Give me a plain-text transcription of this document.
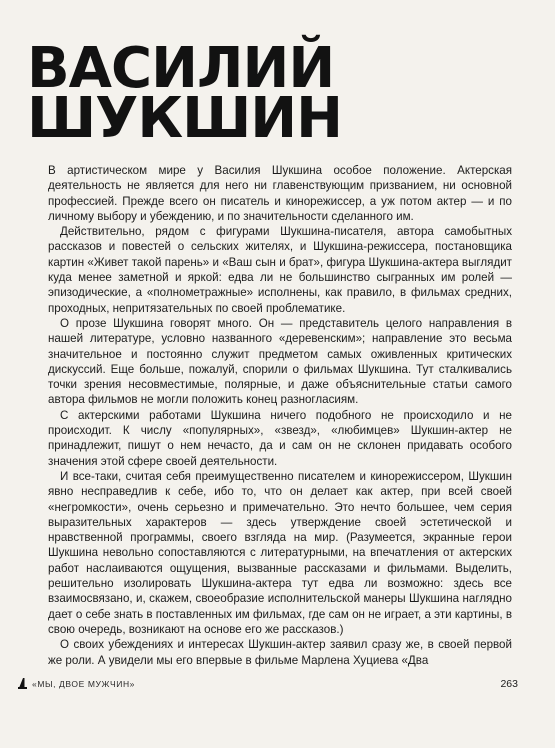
ВАСИЛИЙ
ШУКШИН

В артистическом мире у Василия Шукшина особое положение. Актерская деятельность не является для него ни главенствующим призванием, ни основной профессией. Прежде всего он писатель и кинорежиссер, а уж потом актер — и по личному выбору и убеждению, и по значительности сделанного им.

Действительно, рядом с фигурами Шукшина-писателя, автора самобытных рассказов и повестей о сельских жителях, и Шукшина-режиссера, постановщика картин «Живет такой парень» и «Ваш сын и брат», фигура Шукшина-актера выглядит куда менее заметной и яркой: едва ли не большинство сыгранных им ролей — эпизодические, а «полнометражные» исполнены, как правило, в фильмах средних, проходных, непритязательных по своей проблематике.

О прозе Шукшина говорят много. Он — представитель целого направления в нашей литературе, условно названного «деревенским»; направление это весьма значительное и постоянно служит предметом самых оживленных критических дискуссий. Еще больше, пожалуй, спорили о фильмах Шукшина. Тут сталкивались точки зрения несовместимые, полярные, и даже объяснительные статьи самого автора фильмов не могли положить конец разногласиям.

С актерскими работами Шукшина ничего подобного не происходило и не происходит. К числу «популярных», «звезд», «любимцев» Шукшин-актер не принадлежит, пишут о нем нечасто, да и сам он не склонен придавать особого значения этой сфере своей деятельности.

И все-таки, считая себя преимущественно писателем и кинорежиссером, Шукшин явно несправедлив к себе, ибо то, что он делает как актер, при всей своей «негромкости», очень серьезно и примечательно. Это нечто большее, чем серия выразительных характеров — здесь утверждение своей эстетической и нравственной программы, своего взгляда на мир. (Разумеется, экранные герои Шукшина невольно сопоставляются с литературными, на впечатления от актерских работ наслаиваются ощущения, вызванные рассказами и фильмами. Выделить, решительно изолировать Шукшина-актера тут едва ли возможно: здесь все взаимосвязано, и, скажем, своеобразие исполнительской манеры Шукшина наглядно дает о себе знать в поставленных им фильмах, где сам он не играет, а эти картины, в свою очередь, возникают на основе его же рассказов.)

О своих убеждениях и интересах Шукшин-актер заявил сразу же, в своей первой же роли. А увидели мы его впервые в фильме Марлена Хуциева «Два

«МЫ, ДВОЕ МУЖЧИН»	263
